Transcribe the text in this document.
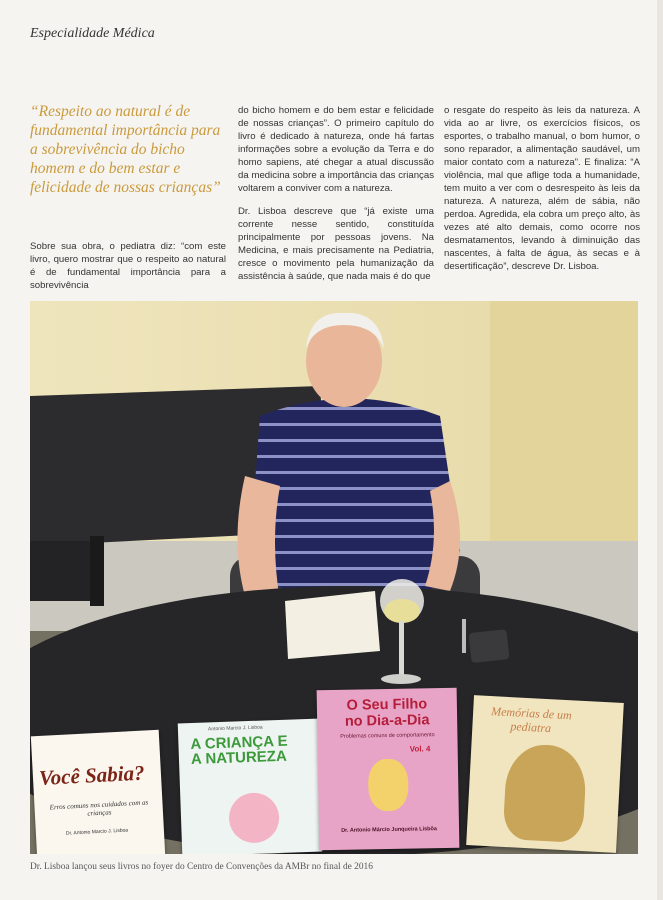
Especialidade Médica
“Respeito ao natural é de fundamental importância para a sobrevivência do bicho homem e do bem estar e felicidade de nossas crianças”

Sobre sua obra, o pediatra diz: “com este livro, quero mostrar que o respeito ao natural é de fundamental importância para a sobrevivência

do bicho homem e do bem estar e felicidade de nossas crianças”. O primeiro capítulo do livro é dedicado à natureza, onde há fartas informações sobre a evolução da Terra e do homo sapiens, até chegar a atual discussão da medicina sobre a importância das crianças voltarem a conviver com a natureza.

Dr. Lisboa descreve que “já existe uma corrente nesse sentido, constituída principalmente por pessoas jovens. Na Medicina, e mais precisamente na Pediatria, cresce o movimento pela humanização da assistência à saúde, que nada mais é do que

o resgate do respeito às leis da natureza. A vida ao ar livre, os exercícios físicos, os esportes, o trabalho manual, o bom humor, o sono reparador, a alimentação saudável, um maior contato com a natureza”. E finaliza: “A violência, mal que aflige toda a humanidade, tem muito a ver com o desrespeito às leis da natureza. A natureza, além de sábia, não perdoa. Agredida, ela cobra um preço alto, às vezes até alto demais, como ocorre nos desmatamentos, levando à diminuição das nascentes, à falta de água, às secas e à desertificação”, descreve Dr. Lisboa.

Você Sabia?
Erros comuns nos cuidados com as crianças
Dr. Antonio Marcio J. Lisboa
Antonio Marcio J. Lisboa
A CRIANÇA E
A NATUREZA
O Seu Filho
no Dia-a-Dia
Problemas comuns de comportamento
Vol. 4
Dr. Antonio Márcio Junqueira Lisbôa
Memórias de um
pediatra
Dr. Lisboa lançou seus livros no foyer do Centro de Convenções da AMBr no final de 2016
